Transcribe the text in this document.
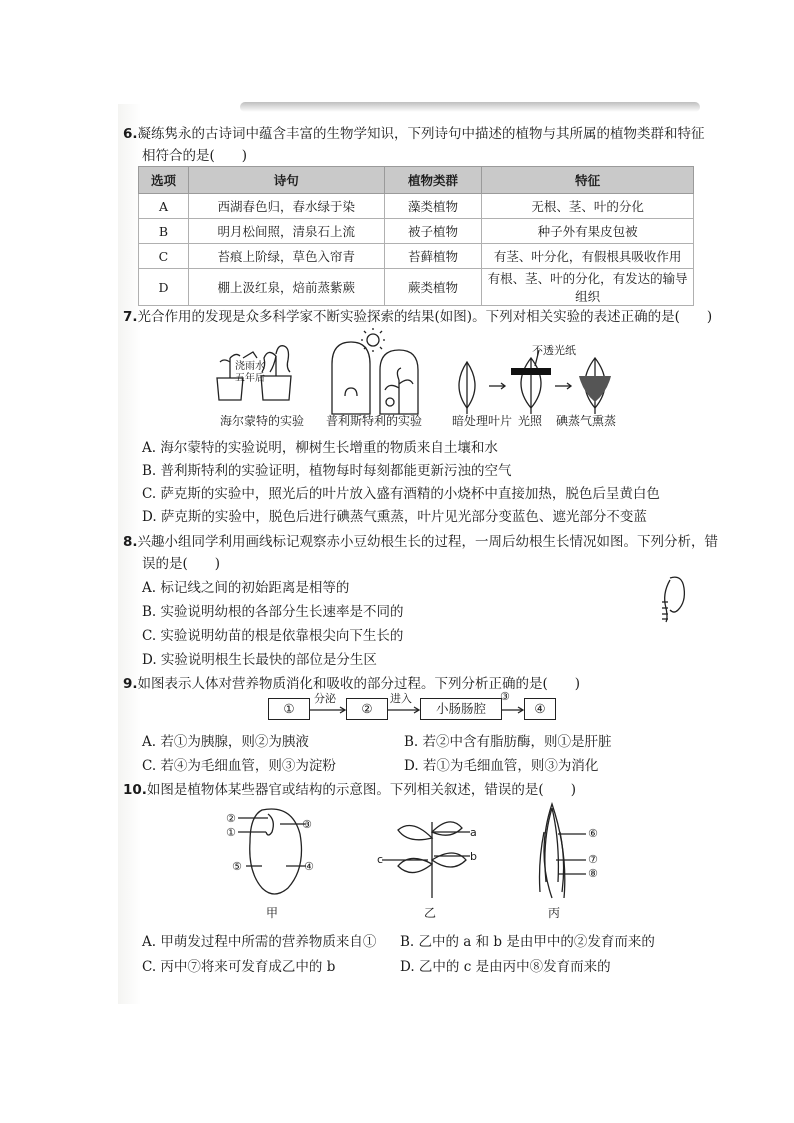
6.凝练隽永的古诗词中蕴含丰富的生物学知识，下列诗句中描述的植物与其所属的植物类群和特征
相符合的是(　　)
选项	诗句	植物类群	特征
A	西湖春色归，春水绿于染	藻类植物	无根、茎、叶的分化
B	明月松间照，清泉石上流	被子植物	种子外有果皮包被
C	苔痕上阶绿，草色入帘青	苔藓植物	有茎、叶分化，有假根具吸收作用
D	棚上汲红泉，焙前蒸紫蕨	蕨类植物	有根、茎、叶的分化，有发达的输导组织
7.光合作用的发现是众多科学家不断实验探索的结果(如图)。下列对相关实验的表述正确的是(　　)
浇雨水
五年后
不透光纸
海尔蒙特的实验 普利斯特利的实验 暗处理叶片 光照 碘蒸气熏蒸
A. 海尔蒙特的实验说明，柳树生长增重的物质来自土壤和水
B. 普利斯特利的实验证明，植物每时每刻都能更新污浊的空气
C. 萨克斯的实验中，照光后的叶片放入盛有酒精的小烧杯中直接加热，脱色后呈黄白色
D. 萨克斯的实验中，脱色后进行碘蒸气熏蒸，叶片见光部分变蓝色、遮光部分不变蓝
8.兴趣小组同学利用画线标记观察赤小豆幼根生长的过程，一周后幼根生长情况如图。下列分析，错
误的是(　　)
A. 标记线之间的初始距离是相等的
B. 实验说明幼根的各部分生长速率是不同的
C. 实验说明幼苗的根是依靠根尖向下生长的
D. 实验说明根生长最快的部位是分生区
9.如图表示人体对营养物质消化和吸收的部分过程。下列分析正确的是(　　)
①	②	小肠肠腔	④
分泌	进入	③
A. 若①为胰腺，则②为胰液	B. 若②中含有脂肪酶，则①是肝脏
C. 若④为毛细血管，则③为淀粉	D. 若①为毛细血管，则③为消化
10.如图是植物体某些器官或结构的示意图。下列相关叙述，错误的是(　　)
②
①
③
⑤	④
a
c	b
⑥
⑦
⑧
甲	乙	丙
A. 甲萌发过程中所需的营养物质来自① B. 乙中的 a 和 b 是由甲中的②发育而来的
C. 丙中⑦将来可发育成乙中的 b	D. 乙中的 c 是由丙中⑧发育而来的
